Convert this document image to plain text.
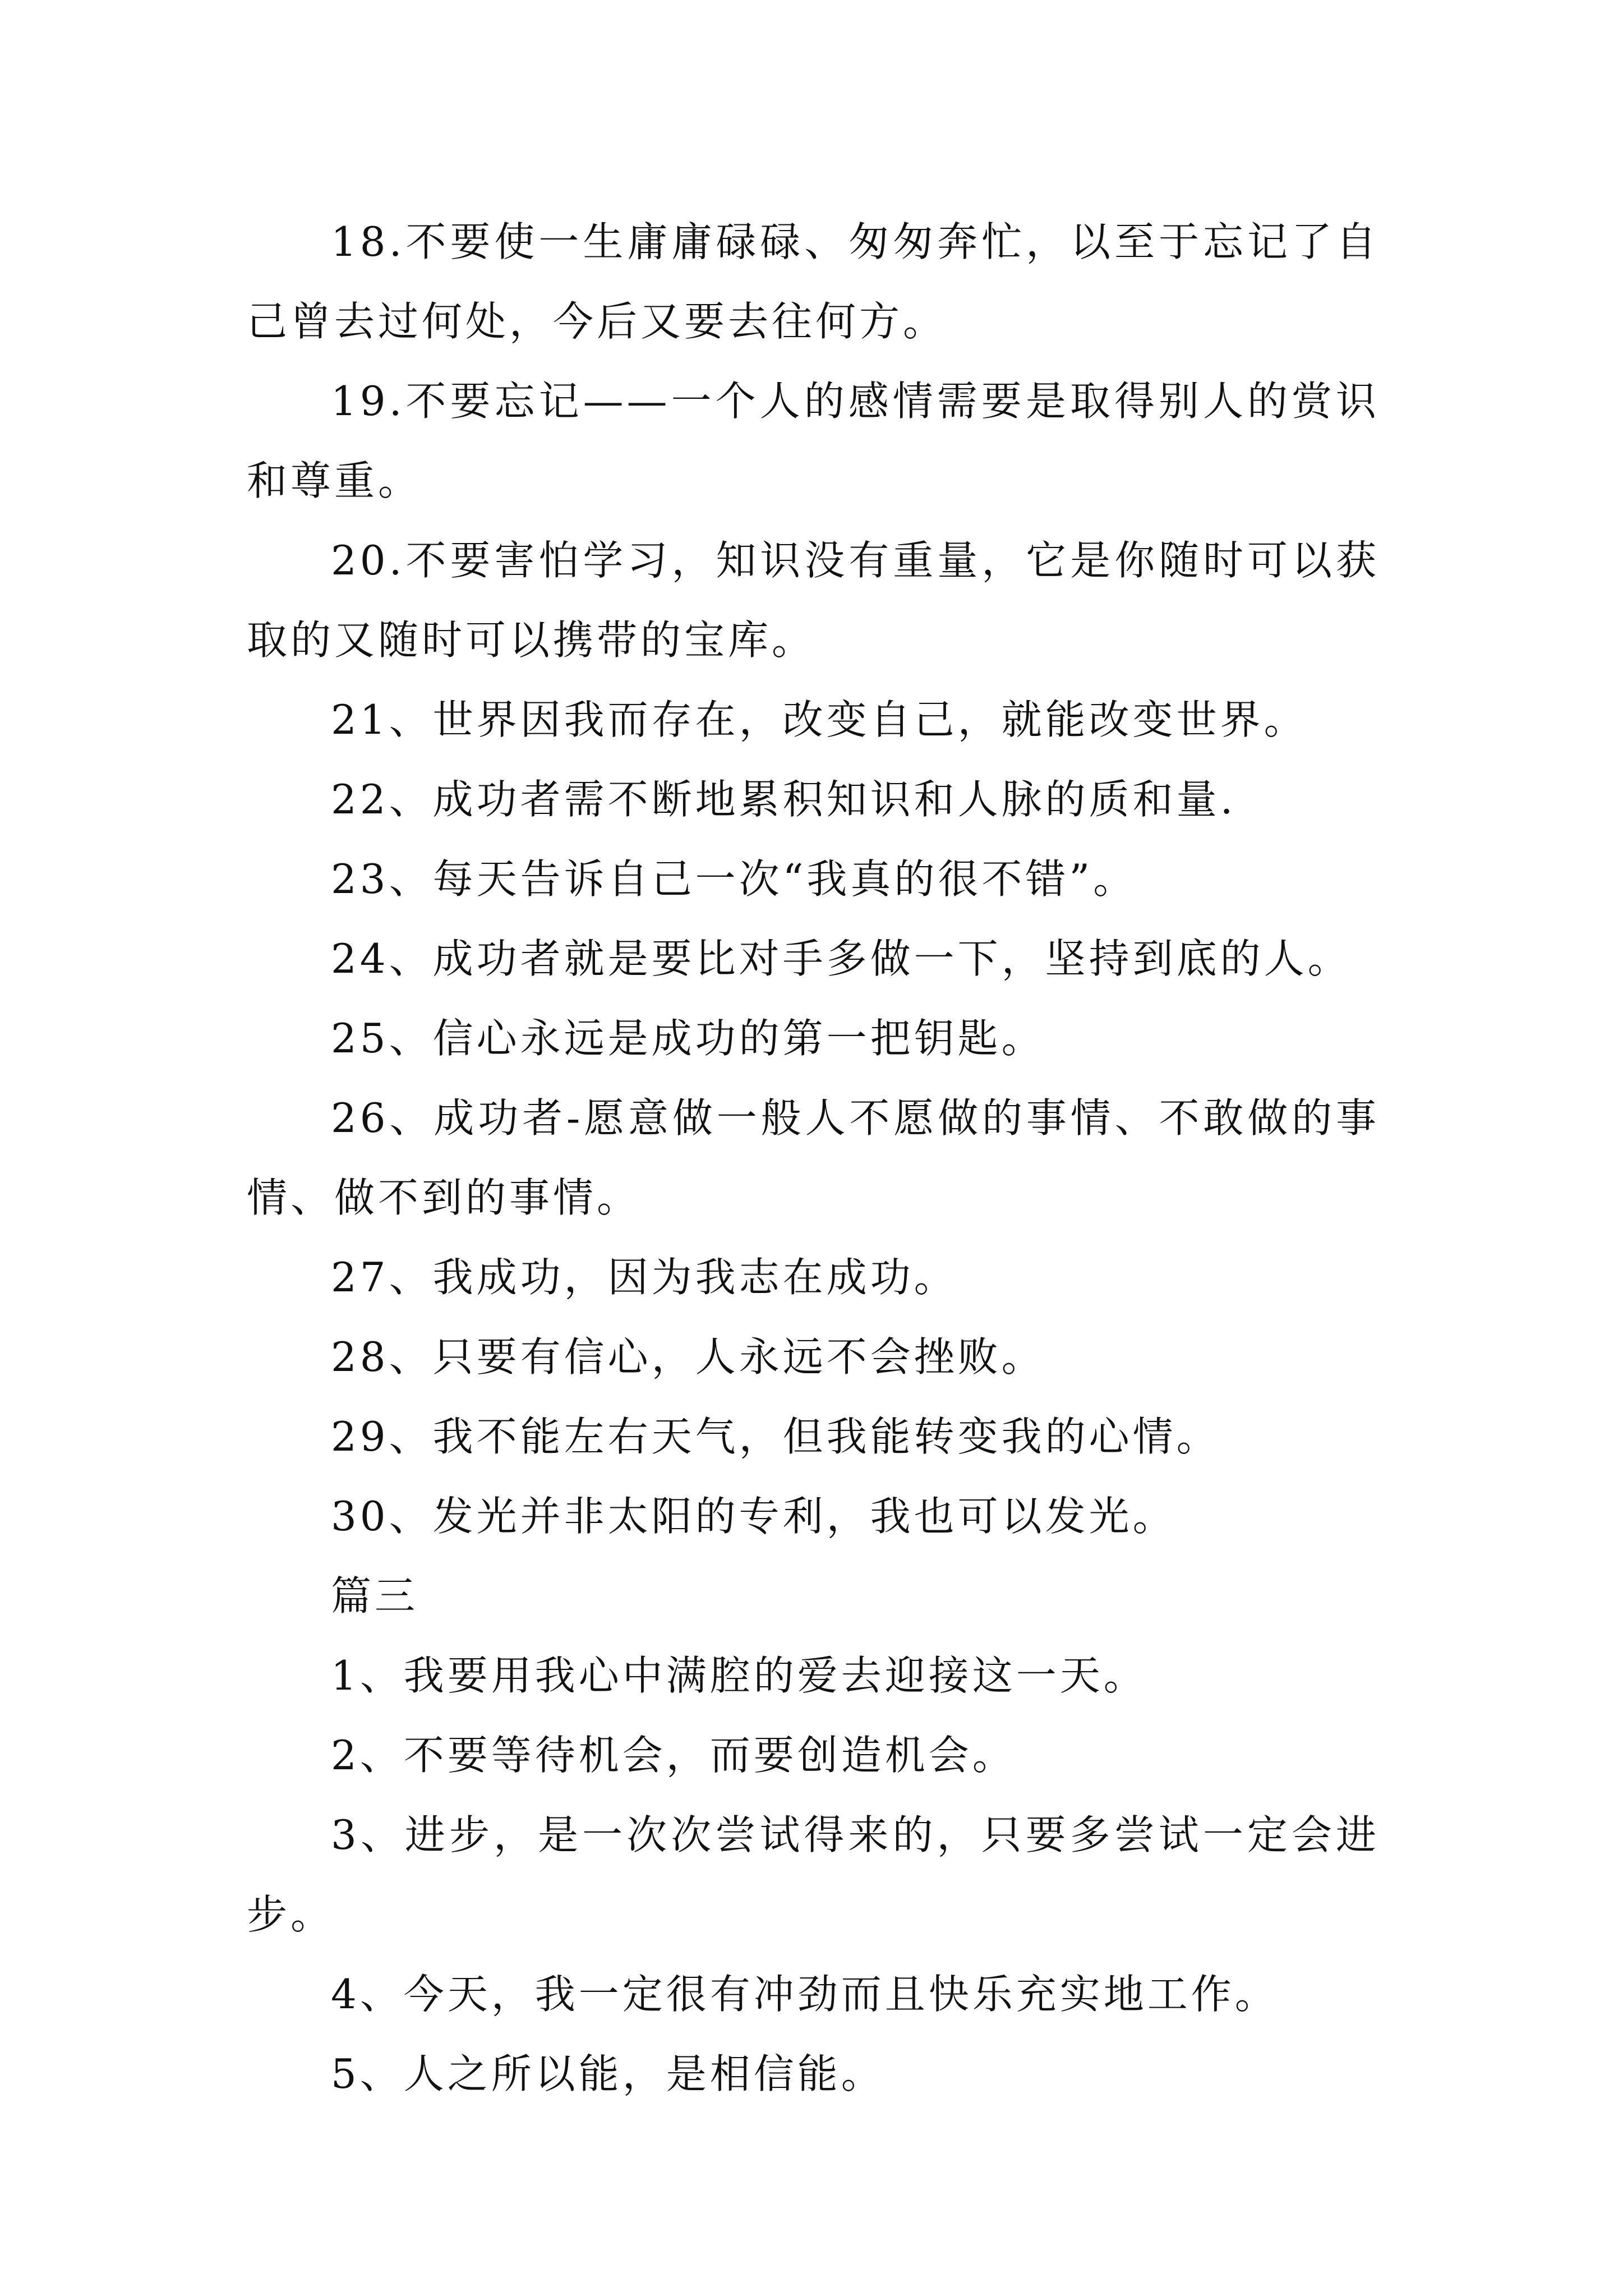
18.不要使一生庸庸碌碌、匆匆奔忙，以至于忘记了自己曾去过何处，今后又要去往何方。

19.不要忘记——一个人的感情需要是取得别人的赏识和尊重。

20.不要害怕学习，知识没有重量，它是你随时可以获取的又随时可以携带的宝库。

21、世界因我而存在，改变自己，就能改变世界。

22、成功者需不断地累积知识和人脉的质和量.

23、每天告诉自己一次“我真的很不错”。

24、成功者就是要比对手多做一下，坚持到底的人。

25、信心永远是成功的第一把钥匙。

26、成功者-愿意做一般人不愿做的事情、不敢做的事情、做不到的事情。

27、我成功，因为我志在成功。

28、只要有信心，人永远不会挫败。

29、我不能左右天气，但我能转变我的心情。

30、发光并非太阳的专利，我也可以发光。

篇三

1、我要用我心中满腔的爱去迎接这一天。

2、不要等待机会，而要创造机会。

3、进步，是一次次尝试得来的，只要多尝试一定会进步。

4、今天，我一定很有冲劲而且快乐充实地工作。

5、人之所以能，是相信能。
